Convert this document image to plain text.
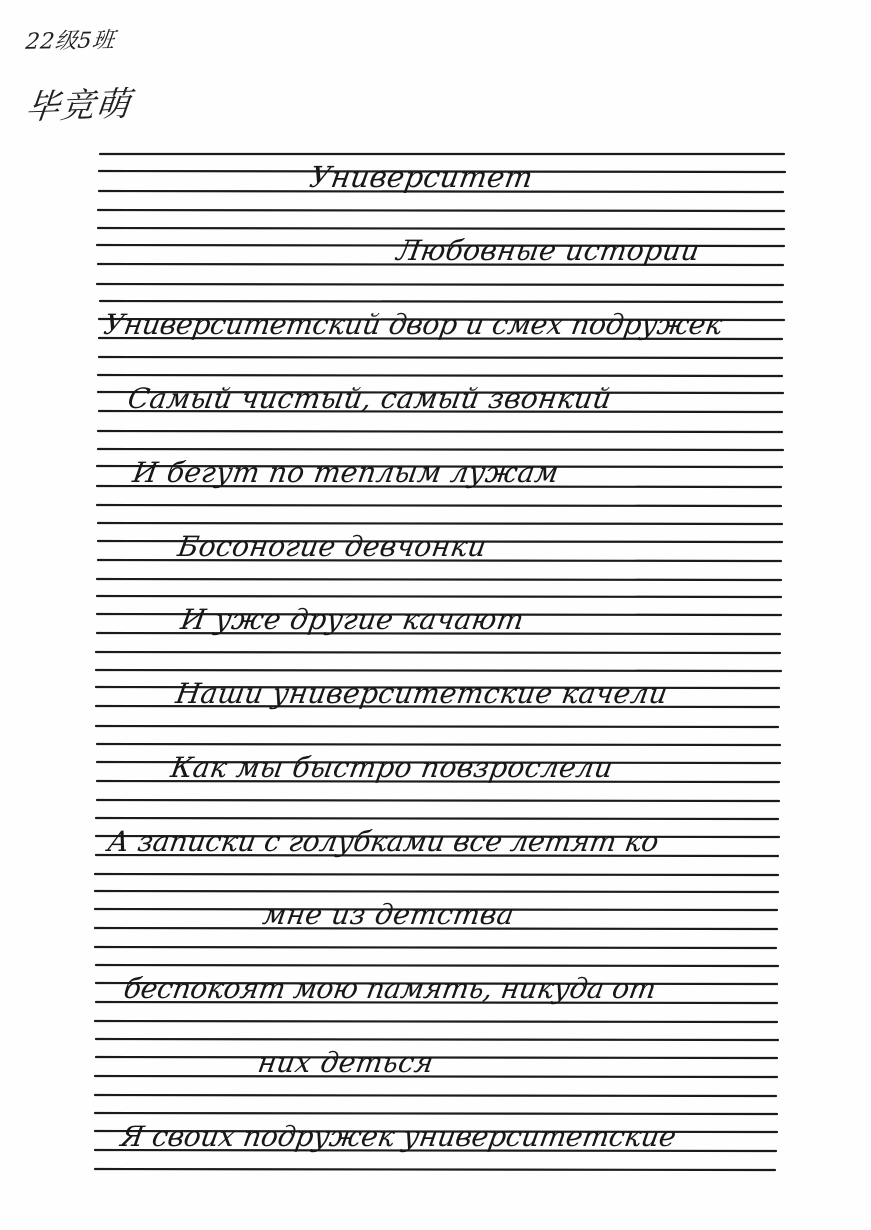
22级5班

毕竞萌

Университет

Любовные истории

Университетский двор и смех подружек

Самый чистый, самый звонкий

И бегут по теплым лужам

Босоногие девчонки

И уже другие качают

Наши университетские качели

Как мы быстро повзрослели

А записки с голубками все летят ко

мне из детства

беспокоят мою память, никуда от

них деться

Я своих подружек университетские
